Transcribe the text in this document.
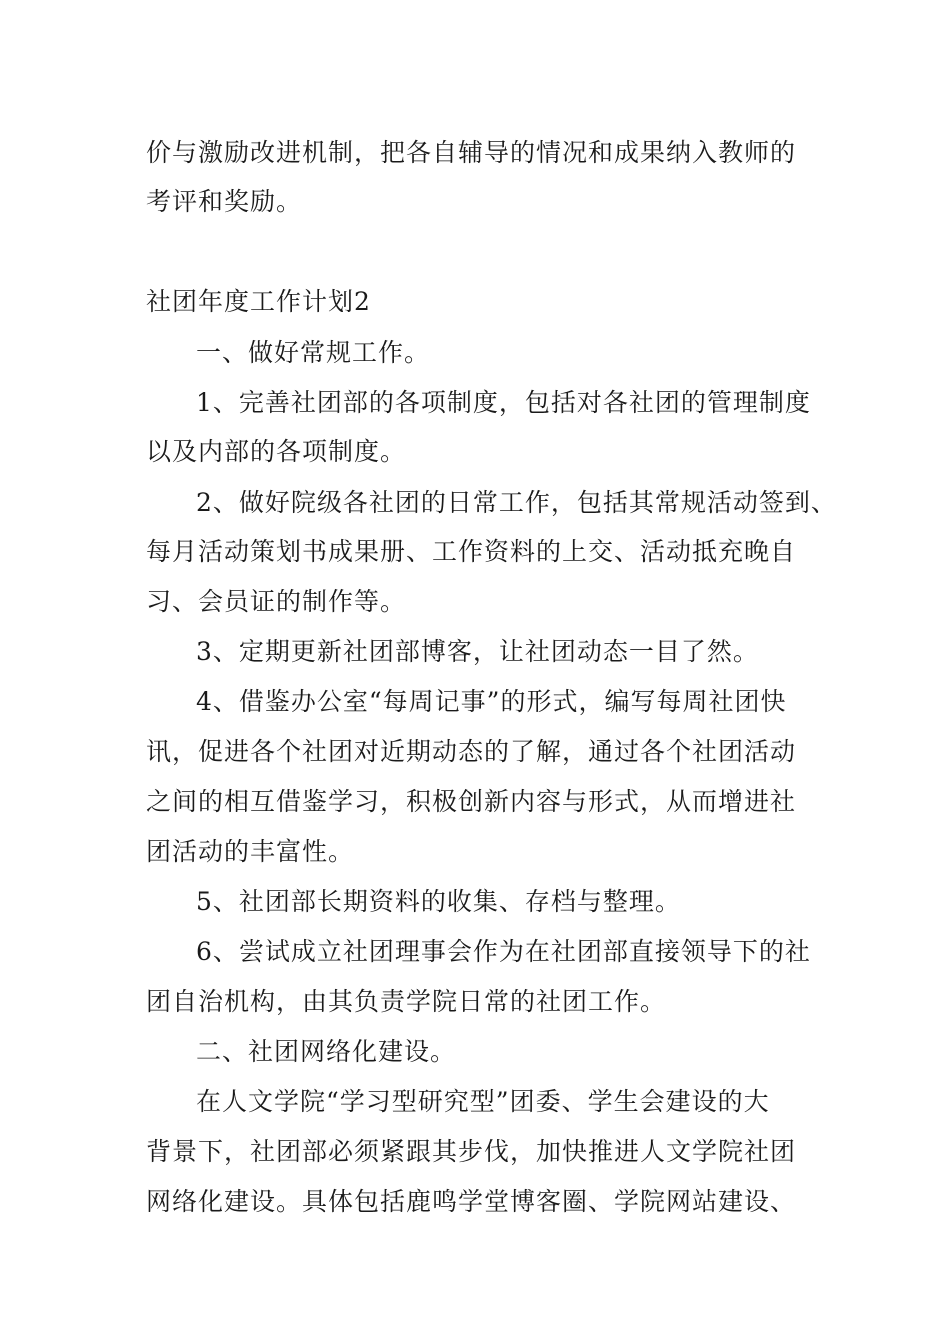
价与激励改进机制，把各自辅导的情况和成果纳入教师的
考评和奖励。
社团年度工作计划2
一、做好常规工作。
1、完善社团部的各项制度，包括对各社团的管理制度
以及内部的各项制度。
2、做好院级各社团的日常工作，包括其常规活动签到、
每月活动策划书成果册、工作资料的上交、活动抵充晚自
习、会员证的制作等。
3、定期更新社团部博客，让社团动态一目了然。
4、借鉴办公室“每周记事”的形式，编写每周社团快
讯，促进各个社团对近期动态的了解，通过各个社团活动
之间的相互借鉴学习，积极创新内容与形式，从而增进社
团活动的丰富性。
5、社团部长期资料的收集、存档与整理。
6、尝试成立社团理事会作为在社团部直接领导下的社
团自治机构，由其负责学院日常的社团工作。
二、社团网络化建设。
在人文学院“学习型研究型”团委、学生会建设的大
背景下，社团部必须紧跟其步伐，加快推进人文学院社团
网络化建设。具体包括鹿鸣学堂博客圈、学院网站建设、
